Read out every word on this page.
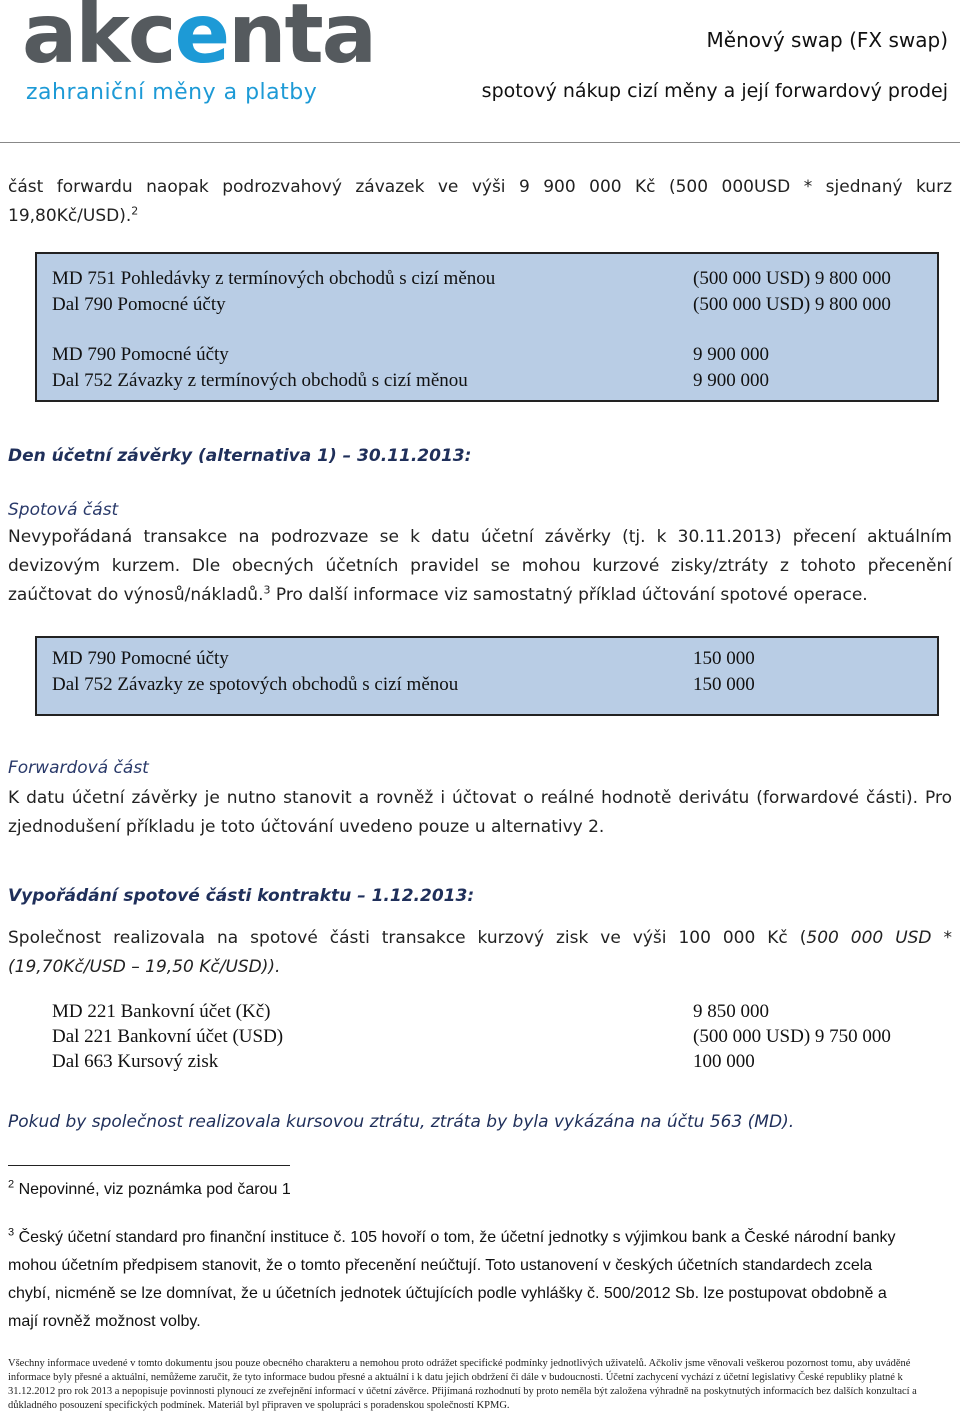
akcenta
zahraniční měny a platby
Měnový swap (FX swap)
spotový nákup cizí měny a její forwardový prodej
část forwardu naopak podrozvahový závazek ve výši 9 900 000 Kč (500 000USD * sjednaný kurz 19,80Kč/USD).$^2$
MD 751 Pohledávky z termínových obchodů s cizí měnou	(500 000 USD) 9 800 000
Dal 790 Pomocné účty	(500 000 USD) 9 800 000
MD 790 Pomocné účty	9 900 000
Dal 752 Závazky z termínových obchodů s cizí měnou	9 900 000
Den účetní závěrky (alternativa 1) – 30.11.2013:
Spotová část
Nevypořádaná transakce na podrozvaze se k datu účetní závěrky (tj. k 30.11.2013) přecení aktuálním devizovým kurzem. Dle obecných účetních pravidel se mohou kurzové zisky/ztráty z tohoto přecenění zaúčtovat do výnosů/nákladů.$^3$ Pro další informace viz samostatný příklad účtování spotové operace.
MD 790 Pomocné účty	150 000
Dal 752 Závazky ze spotových obchodů s cizí měnou	150 000
Forwardová část
K datu účetní závěrky je nutno stanovit a rovněž i účtovat o reálné hodnotě derivátu (forwardové části). Pro zjednodušení příkladu je toto účtování uvedeno pouze u alternativy 2.
Vypořádání spotové části kontraktu – 1.12.2013:
Společnost realizovala na spotové části transakce kurzový zisk ve výši 100 000 Kč (500 000 USD * (19,70Kč/USD – 19,50 Kč/USD)).
MD 221 Bankovní účet (Kč)	9 850 000
Dal 221 Bankovní účet (USD)	(500 000 USD) 9 750 000
Dal 663 Kursový zisk	100 000
Pokud by společnost realizovala kursovou ztrátu, ztráta by byla vykázána na účtu 563 (MD).
$^2$ Nepovinné, viz poznámka pod čarou 1
$^3$ Český účetní standard pro finanční instituce č. 105 hovoří o tom, že účetní jednotky s výjimkou bank a České národní banky mohou účetním předpisem stanovit, že o tomto přecenění neúčtují. Toto ustanovení v českých účetních standardech zcela chybí, nicméně se lze domnívat, že u účetních jednotek účtujících podle vyhlášky č. 500/2012 Sb. lze postupovat obdobně a mají rovněž možnost volby.
Všechny informace uvedené v tomto dokumentu jsou pouze obecného charakteru a nemohou proto odrážet specifické podmínky jednotlivých uživatelů. Ačkoliv jsme věnovali veškerou pozornost tomu, aby uváděné informace byly přesné a aktuální, nemůžeme zaručit, že tyto informace budou přesné a aktuální i k datu jejich obdržení či dále v budoucnosti. Účetní zachycení vychází z účetní legislativy České republiky platné k 31.12.2012 pro rok 2013 a nepopisuje povinnosti plynoucí ze zveřejnění informací v účetní závěrce. Přijímaná rozhodnutí by proto neměla být založena výhradně na poskytnutých informacích bez dalších konzultací a důkladného posouzení specifických podmínek. Materiál byl připraven ve spolupráci s poradenskou společností KPMG.
